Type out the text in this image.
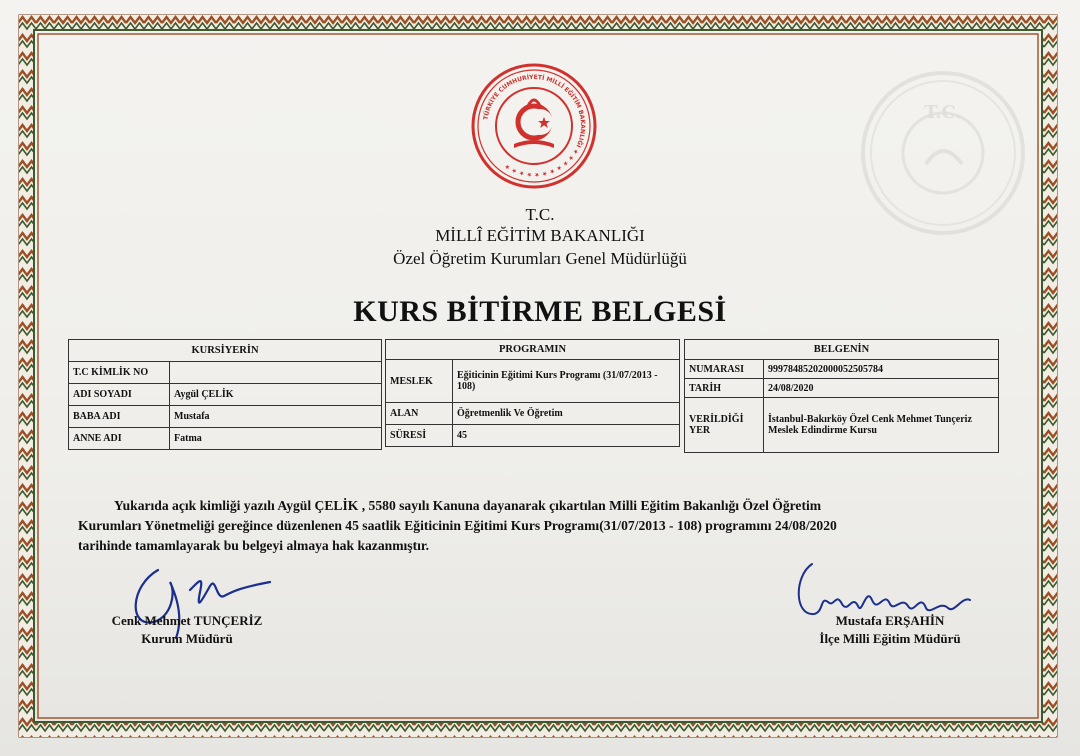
TÜRKİYE CUMHURİYETİ MİLLÎ EĞİTİM BAKANLIĞI ★ ★ ★ ★ ★ ★ ★ ★ ★ ★ ★
T.C.
T.C.
MİLLÎ EĞİTİM BAKANLIĞI
Özel Öğretim Kurumları Genel Müdürlüğü
KURS BİTİRME BELGESİ
KURSİYERİN	
T.C KİMLİK NO	
ADI SOYADI	Aygül ÇELİK
BABA ADI	Mustafa
ANNE ADI	Fatma
PROGRAMIN	
MESLEK	Eğiticinin Eğitimi Kurs Programı (31/07/2013 - 108)
ALAN	Öğretmenlik Ve Öğretim
SÜRESİ	45
BELGENİN	
NUMARASI	99978485202000052505784
TARİH	24/08/2020
VERİLDİĞİ YER	İstanbul-Bakırköy Özel Cenk Mehmet Tunçeriz Meslek Edindirme Kursu
Yukarıda açık kimliği yazılı Aygül ÇELİK , 5580 sayılı Kanuna dayanarak çıkartılan Milli Eğitim Bakanlığı Özel Öğretim
Kurumları Yönetmeliği gereğince düzenlenen 45 saatlik Eğiticinin Eğitimi Kurs Programı(31/07/2013 - 108) programını 24/08/2020
tarihinde tamamlayarak bu belgeyi almaya hak kazanmıştır.
Cenk Mehmet TUNÇERİZ
Kurum Müdürü
Mustafa ERŞAHİN
İlçe Milli Eğitim Müdürü
